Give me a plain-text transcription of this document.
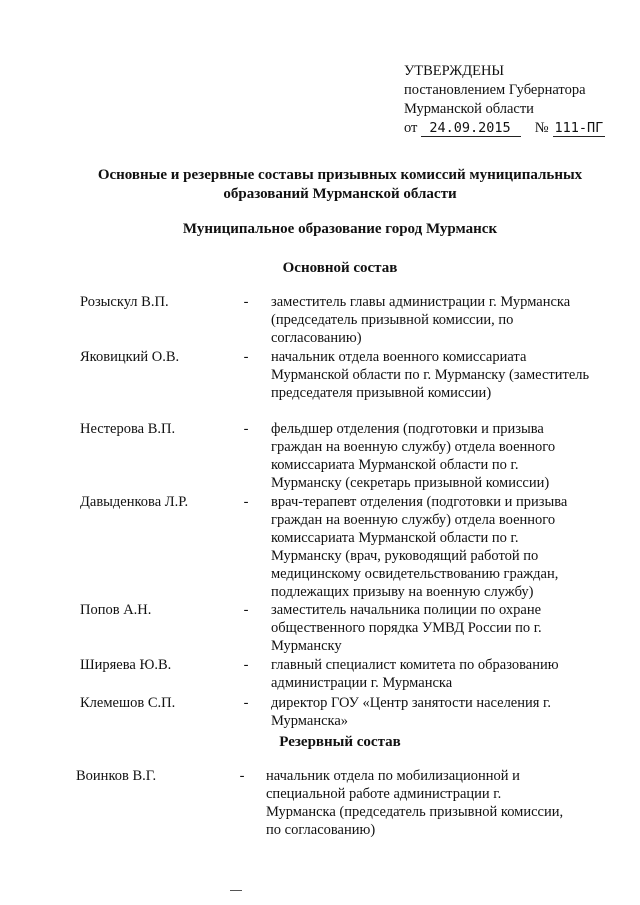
УТВЕРЖДЕНЫ
постановлением Губернатора
Мурманской области
от 24.09.2015	№ 111-ПГ
Основные и резервные составы призывных комиссий муниципальных
образований Мурманской области
Муниципальное образование город Мурманск
Основной состав
Розыскул В.П.	- заместитель главы администрации г. Мурманска (председатель призывной комиссии, по согласованию)
Яковицкий О.В.	- начальник отдела военного комиссариата Мурманской области по г. Мурманску (заместитель председателя призывной комиссии)
Нестерова В.П.	- фельдшер отделения (подготовки и призыва граждан на военную службу) отдела военного комиссариата Мурманской области по г. Мурманску (секретарь призывной комиссии)
Давыденкова Л.Р.	- врач-терапевт отделения (подготовки и призыва граждан на военную службу) отдела военного комиссариата Мурманской области по г. Мурманску (врач, руководящий работой по медицинскому освидетельствованию граждан, подлежащих призыву на военную службу)
Попов А.Н.	- заместитель начальника полиции по охране общественного порядка УМВД России по г. Мурманску
Ширяева Ю.В.	- главный специалист комитета по образованию администрации г. Мурманска
Клемешов С.П.	- директор ГОУ «Центр занятости населения г. Мурманска»
Резервный состав
Воинков В.Г.	- начальник отдела по мобилизационной и специальной работе администрации г. Мурманска (председатель призывной комиссии, по согласованию)
